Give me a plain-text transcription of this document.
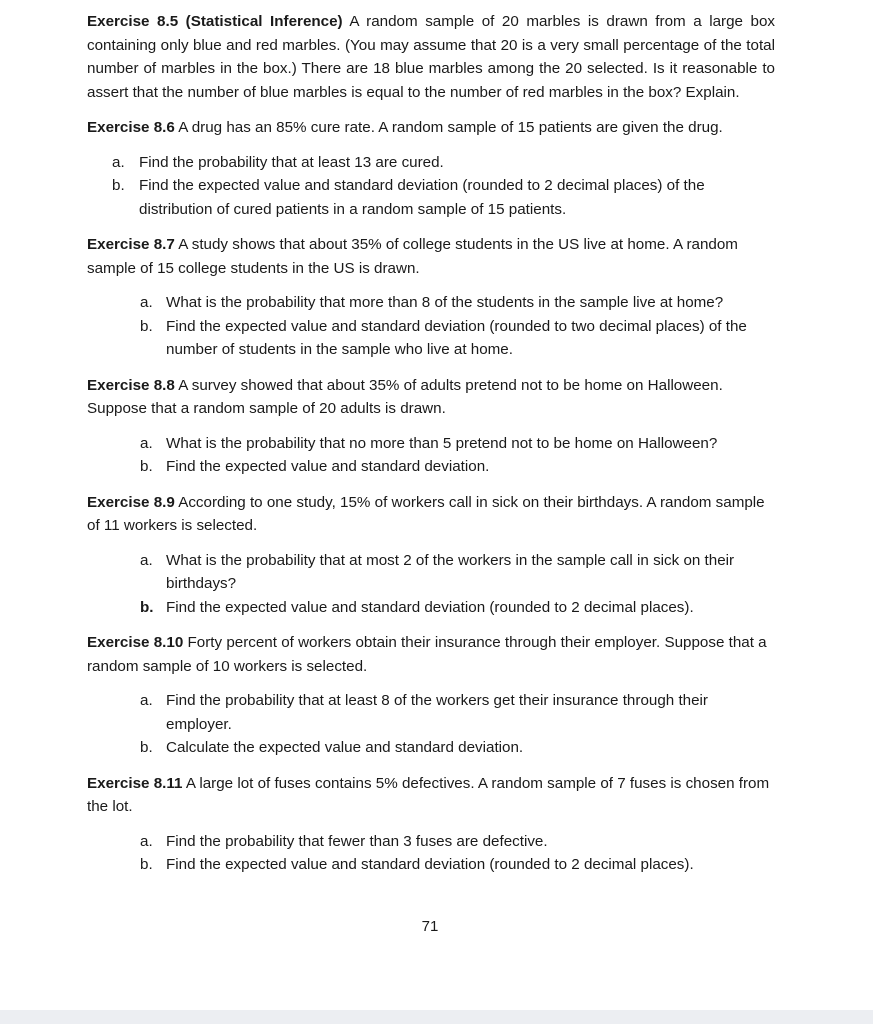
Exercise 8.5 (Statistical Inference) A random sample of 20 marbles is drawn from a large box containing only blue and red marbles. (You may assume that 20 is a very small percentage of the total number of marbles in the box.) There are 18 blue marbles among the 20 selected. Is it reasonable to assert that the number of blue marbles is equal to the number of red marbles in the box? Explain.

Exercise 8.6 A drug has an 85% cure rate. A random sample of 15 patients are given the drug.

a. Find the probability that at least 13 are cured.
b. Find the expected value and standard deviation (rounded to 2 decimal places) of the distribution of cured patients in a random sample of 15 patients.

Exercise 8.7 A study shows that about 35% of college students in the US live at home. A random sample of 15 college students in the US is drawn.

a. What is the probability that more than 8 of the students in the sample live at home?
b. Find the expected value and standard deviation (rounded to two decimal places) of the number of students in the sample who live at home.

Exercise 8.8 A survey showed that about 35% of adults pretend not to be home on Halloween. Suppose that a random sample of 20 adults is drawn.

a. What is the probability that no more than 5 pretend not to be home on Halloween?
b. Find the expected value and standard deviation.

Exercise 8.9 According to one study, 15% of workers call in sick on their birthdays. A random sample of 11 workers is selected.

a. What is the probability that at most 2 of the workers in the sample call in sick on their birthdays?
b. Find the expected value and standard deviation (rounded to 2 decimal places).

Exercise 8.10 Forty percent of workers obtain their insurance through their employer. Suppose that a random sample of 10 workers is selected.

a. Find the probability that at least 8 of the workers get their insurance through their employer.
b. Calculate the expected value and standard deviation.

Exercise 8.11 A large lot of fuses contains 5% defectives. A random sample of 7 fuses is chosen from the lot.

a. Find the probability that fewer than 3 fuses are defective.
b. Find the expected value and standard deviation (rounded to 2 decimal places).
71
